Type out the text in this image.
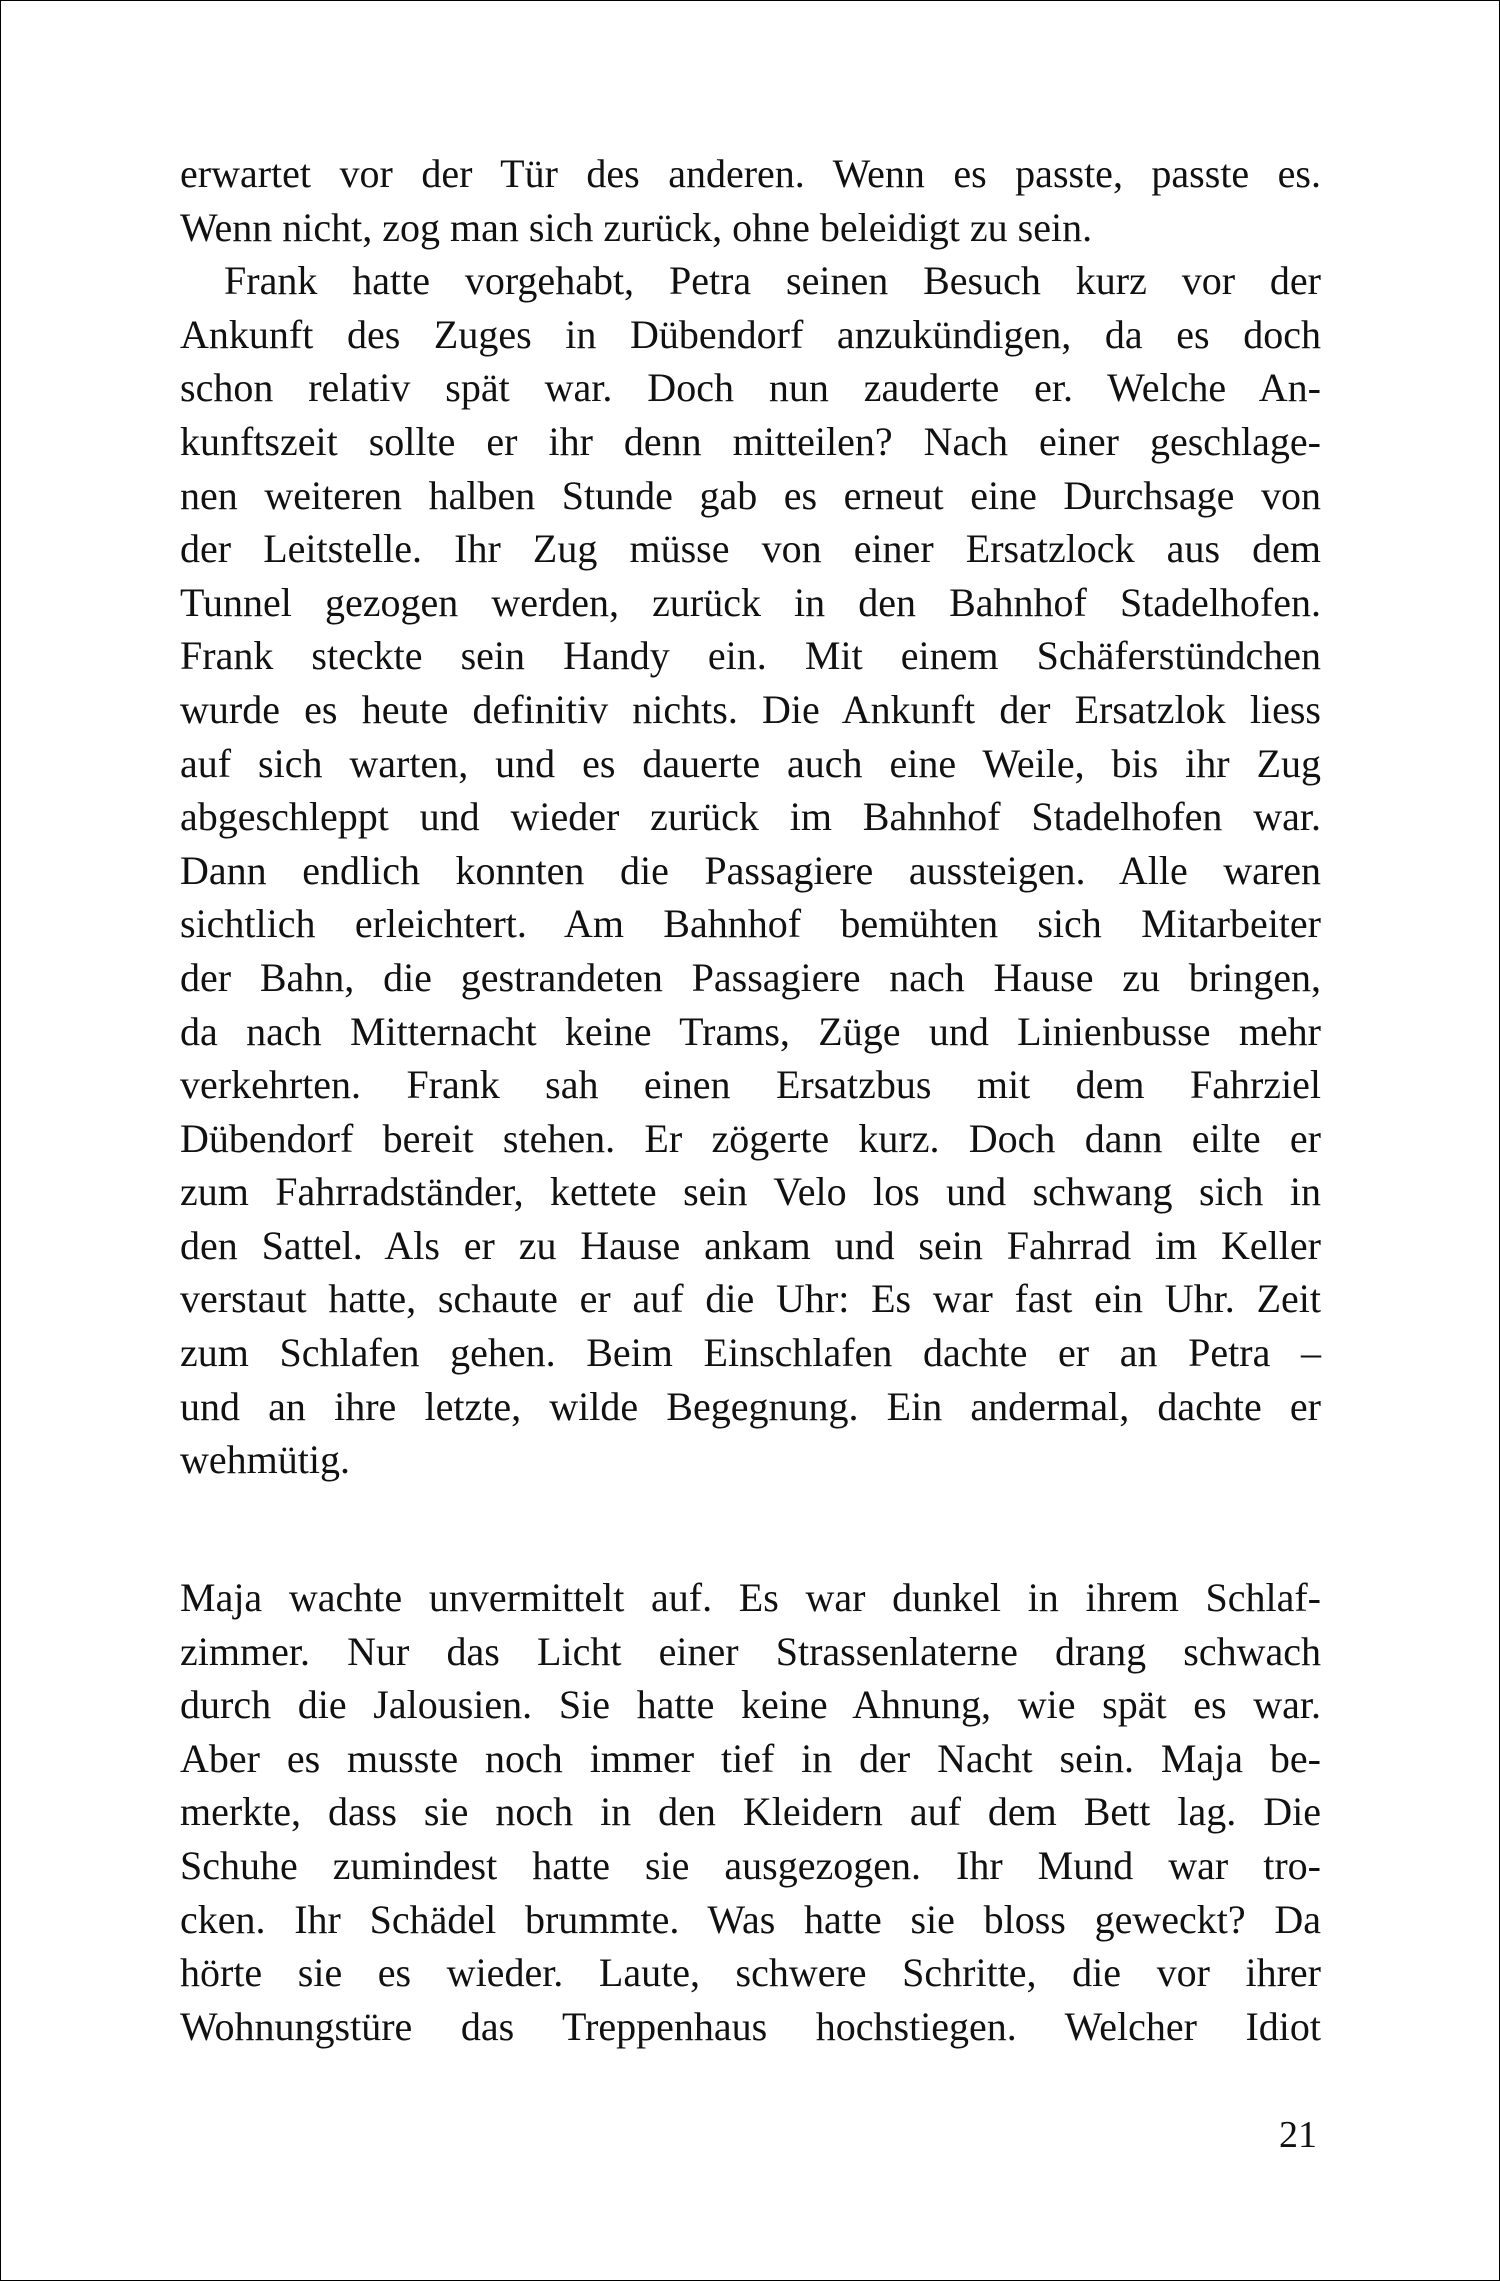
erwartet vor der Tür des anderen. Wenn es passte, passte es.
Wenn nicht, zog man sich zurück, ohne beleidigt zu sein.
Frank hatte vorgehabt, Petra seinen Besuch kurz vor der
Ankunft des Zuges in Dübendorf anzukündigen, da es doch
schon relativ spät war. Doch nun zauderte er. Welche An-
kunftszeit sollte er ihr denn mitteilen? Nach einer geschlage-
nen weiteren halben Stunde gab es erneut eine Durchsage von
der Leitstelle. Ihr Zug müsse von einer Ersatzlock aus dem
Tunnel gezogen werden, zurück in den Bahnhof Stadelhofen.
Frank steckte sein Handy ein. Mit einem Schäferstündchen
wurde es heute definitiv nichts. Die Ankunft der Ersatzlok liess
auf sich warten, und es dauerte auch eine Weile, bis ihr Zug
abgeschleppt und wieder zurück im Bahnhof Stadelhofen war.
Dann endlich konnten die Passagiere aussteigen. Alle waren
sichtlich erleichtert. Am Bahnhof bemühten sich Mitarbeiter
der Bahn, die gestrandeten Passagiere nach Hause zu bringen,
da nach Mitternacht keine Trams, Züge und Linienbusse mehr
verkehrten. Frank sah einen Ersatzbus mit dem Fahrziel
Dübendorf bereit stehen. Er zögerte kurz. Doch dann eilte er
zum Fahrradständer, kettete sein Velo los und schwang sich in
den Sattel. Als er zu Hause ankam und sein Fahrrad im Keller
verstaut hatte, schaute er auf die Uhr: Es war fast ein Uhr. Zeit
zum Schlafen gehen. Beim Einschlafen dachte er an Petra –
und an ihre letzte, wilde Begegnung. Ein andermal, dachte er
wehmütig.
Maja wachte unvermittelt auf. Es war dunkel in ihrem Schlaf-
zimmer. Nur das Licht einer Strassenlaterne drang schwach
durch die Jalousien. Sie hatte keine Ahnung, wie spät es war.
Aber es musste noch immer tief in der Nacht sein. Maja be-
merkte, dass sie noch in den Kleidern auf dem Bett lag. Die
Schuhe zumindest hatte sie ausgezogen. Ihr Mund war tro-
cken. Ihr Schädel brummte. Was hatte sie bloss geweckt? Da
hörte sie es wieder. Laute, schwere Schritte, die vor ihrer
Wohnungstüre das Treppenhaus hochstiegen. Welcher Idiot
21
